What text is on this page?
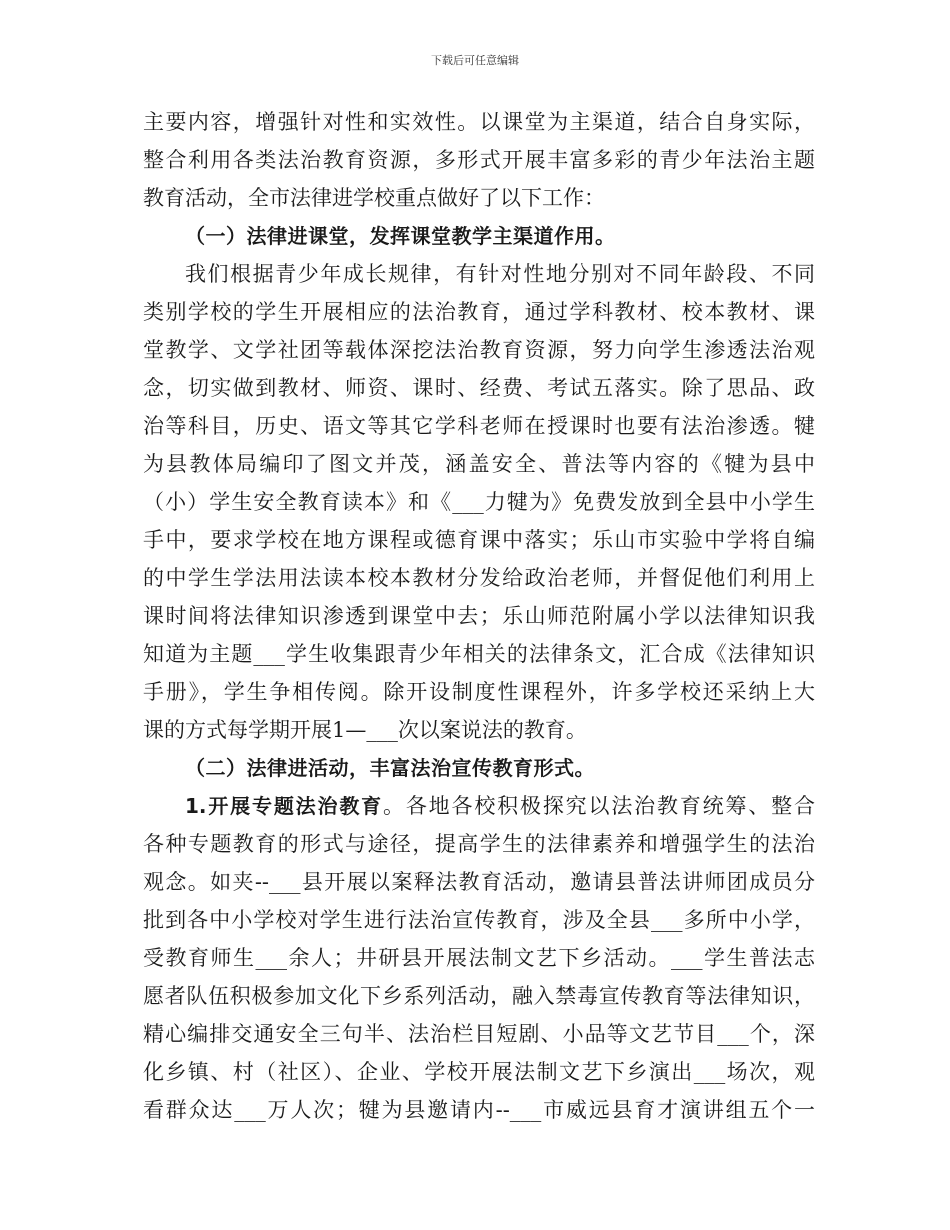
下载后可任意编辑
主要内容，增强针对性和实效性。以课堂为主渠道，结合自身实际，
整合利用各类法治教育资源，多形式开展丰富多彩的青少年法治主题
教育活动，全市法律进学校重点做好了以下工作：
（一）法律进课堂，发挥课堂教学主渠道作用。
我们根据青少年成长规律，有针对性地分别对不同年龄段、不同
类别学校的学生开展相应的法治教育，通过学科教材、校本教材、课
堂教学、文学社团等载体深挖法治教育资源，努力向学生渗透法治观
念，切实做到教材、师资、课时、经费、考试五落实。除了思品、政
治等科目，历史、语文等其它学科老师在授课时也要有法治渗透。犍
为县教体局编印了图文并茂，涵盖安全、普法等内容的《犍为县中
（小）学生安全教育读本》和《___力犍为》免费发放到全县中小学生
手中，要求学校在地方课程或德育课中落实；乐山市实验中学将自编
的中学生学法用法读本校本教材分发给政治老师，并督促他们利用上
课时间将法律知识渗透到课堂中去；乐山师范附属小学以法律知识我
知道为主题___学生收集跟青少年相关的法律条文，汇合成《法律知识
手册》，学生争相传阅。除开设制度性课程外，许多学校还采纳上大
课的方式每学期开展1—___次以案说法的教育。
（二）法律进活动，丰富法治宣传教育形式。
1.开展专题法治教育。各地各校积极探究以法治教育统筹、整合
各种专题教育的形式与途径，提高学生的法律素养和增强学生的法治
观念。如夹--___县开展以案释法教育活动，邀请县普法讲师团成员分
批到各中小学校对学生进行法治宣传教育，涉及全县___多所中小学，
受教育师生___余人；井研县开展法制文艺下乡活动。___学生普法志
愿者队伍积极参加文化下乡系列活动，融入禁毒宣传教育等法律知识，
精心编排交通安全三句半、法治栏目短剧、小品等文艺节目___个，深
化乡镇、村（社区）、企业、学校开展法制文艺下乡演出___场次，观
看群众达___万人次；犍为县邀请内--___市威远县育才演讲组五个一
